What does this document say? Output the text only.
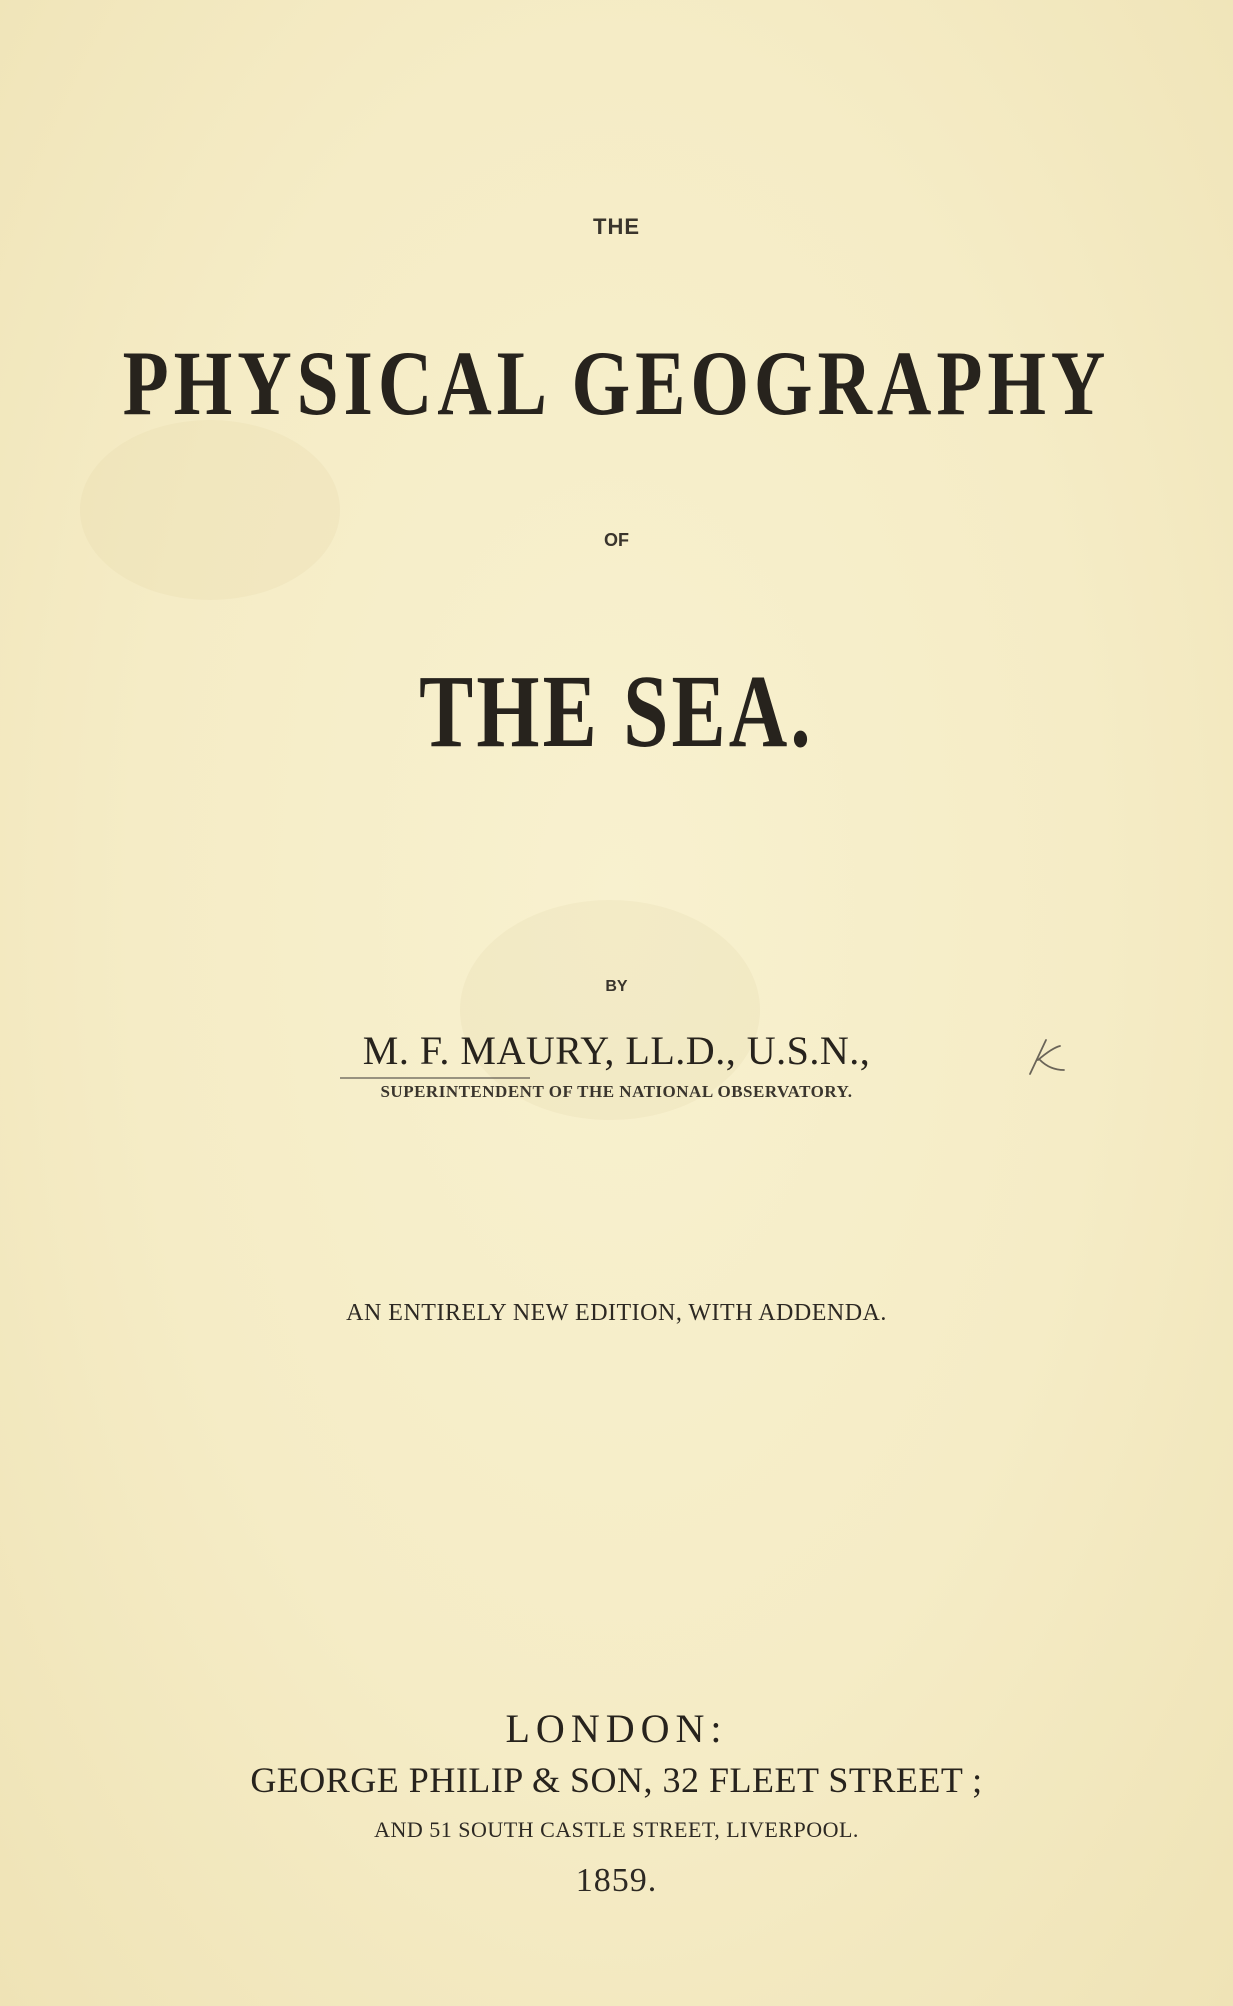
THE
PHYSICAL GEOGRAPHY
OF
THE SEA.
BY
M. F. MAURY, LL.D., U.S.N.,
SUPERINTENDENT OF THE NATIONAL OBSERVATORY.
AN ENTIRELY NEW EDITION, WITH ADDENDA.
LONDON:
GEORGE PHILIP & SON, 32 FLEET STREET ;
AND 51 SOUTH CASTLE STREET, LIVERPOOL.
1859.
